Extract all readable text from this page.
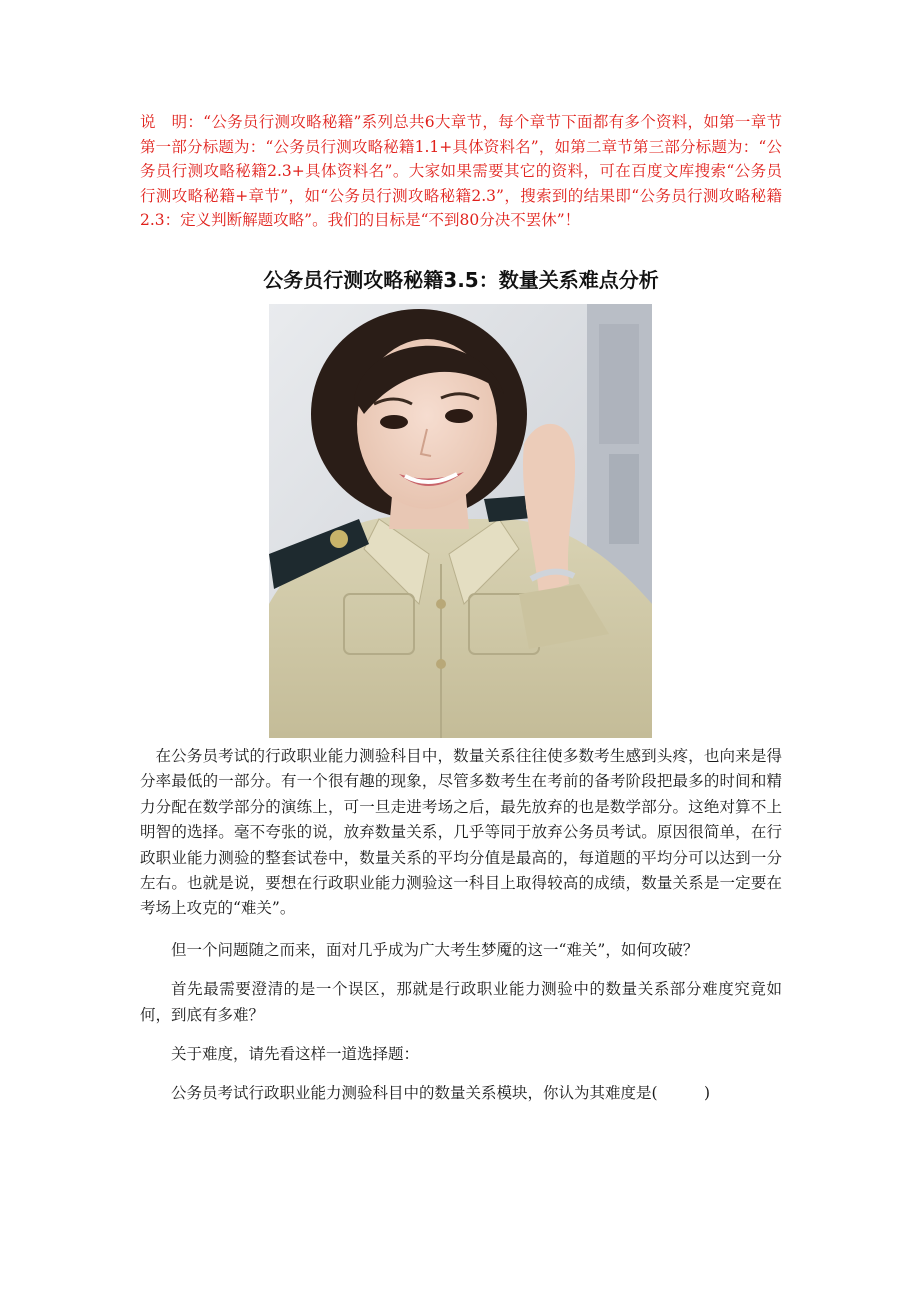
说　明：“公务员行测攻略秘籍”系列总共6大章节，每个章节下面都有多个资料，如第一章节第一部分标题为：“公务员行测攻略秘籍1.1+具体资料名”，如第二章节第三部分标题为：“公务员行测攻略秘籍2.3+具体资料名”。大家如果需要其它的资料，可在百度文库搜索“公务员行测攻略秘籍+章节”，如“公务员行测攻略秘籍2.3”，搜索到的结果即“公务员行测攻略秘籍2.3：定义判断解题攻略”。我们的目标是“不到80分决不罢休”！
公务员行测攻略秘籍3.5：数量关系难点分析

在公务员考试的行政职业能力测验科目中，数量关系往往使多数考生感到头疼，也向来是得分率最低的一部分。有一个很有趣的现象，尽管多数考生在考前的备考阶段把最多的时间和精力分配在数学部分的演练上，可一旦走进考场之后，最先放弃的也是数学部分。这绝对算不上明智的选择。毫不夸张的说，放弃数量关系，几乎等同于放弃公务员考试。原因很简单，在行政职业能力测验的整套试卷中，数量关系的平均分值是最高的，每道题的平均分可以达到一分左右。也就是说，要想在行政职业能力测验这一科目上取得较高的成绩，数量关系是一定要在考场上攻克的“难关”。

但一个问题随之而来，面对几乎成为广大考生梦魇的这一“难关”，如何攻破？

首先最需要澄清的是一个误区，那就是行政职业能力测验中的数量关系部分难度究竟如何，到底有多难？

关于难度，请先看这样一道选择题：

公务员考试行政职业能力测验科目中的数量关系模块，你认为其难度是(　　　)
